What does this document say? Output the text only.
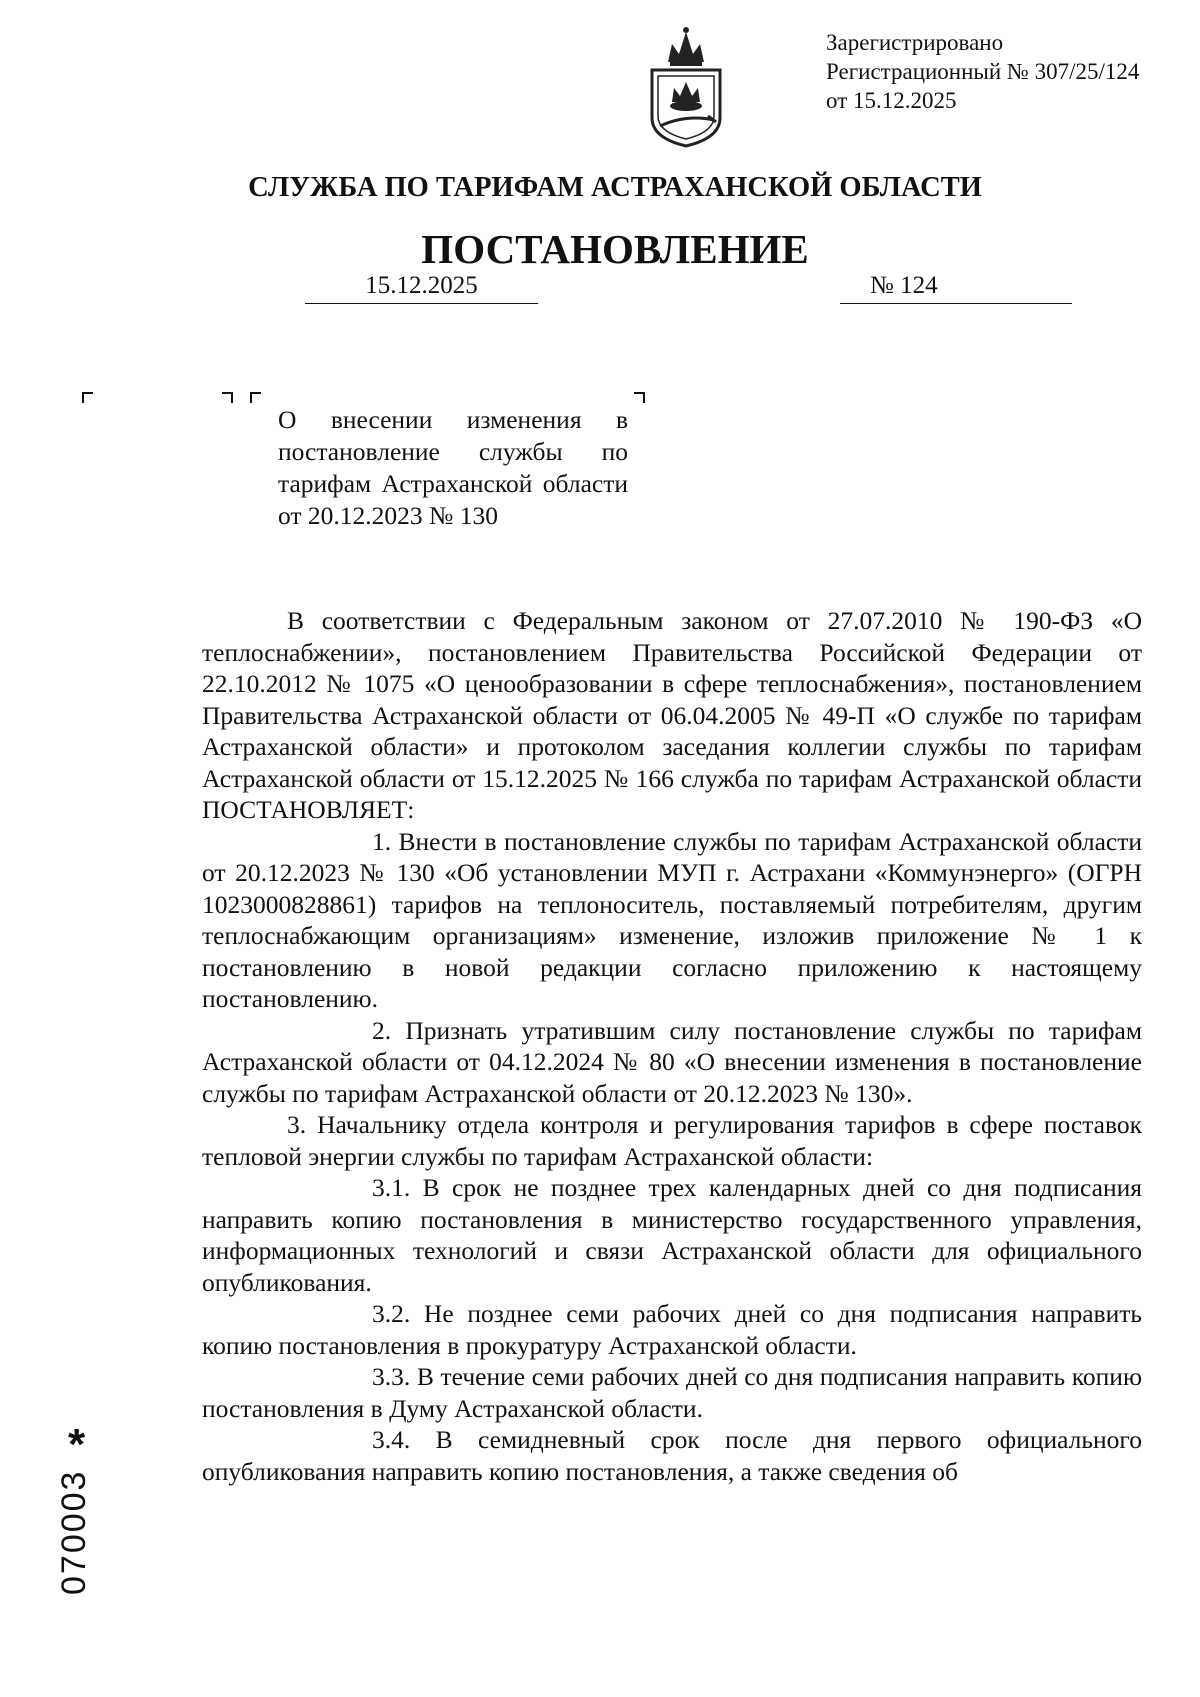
Зарегистрировано
Регистрационный № 307/25/124
от 15.12.2025
СЛУЖБА ПО ТАРИФАМ АСТРАХАНСКОЙ ОБЛАСТИ
ПОСТАНОВЛЕНИЕ
15.12.2025	№ 124
О внесении изменения в постановление службы по тарифам Астраханской области от 20.12.2023 № 130

В соответствии с Федеральным законом от 27.07.2010 № 190-ФЗ «О теплоснабжении», постановлением Правительства Российской Федерации от 22.10.2012 № 1075 «О ценообразовании в сфере теплоснабжения», постановлением Правительства Астраханской области от 06.04.2005 № 49-П «О службе по тарифам Астраханской области» и протоколом заседания коллегии службы по тарифам Астраханской области от 15.12.2025 № 166 служба по тарифам Астраханской области ПОСТАНОВЛЯЕТ:

1. Внести в постановление службы по тарифам Астраханской области от 20.12.2023 № 130 «Об установлении МУП г. Астрахани «Коммунэнерго» (ОГРН 1023000828861) тарифов на теплоноситель, поставляемый потребителям, другим теплоснабжающим организациям» изменение, изложив приложение № 1 к постановлению в новой редакции согласно приложению к настоящему постановлению.

2. Признать утратившим силу постановление службы по тарифам Астраханской области от 04.12.2024 № 80 «О внесении изменения в постановление службы по тарифам Астраханской области от 20.12.2023 № 130».

3. Начальнику отдела контроля и регулирования тарифов в сфере поставок тепловой энергии службы по тарифам Астраханской области:

3.1. В срок не позднее трех календарных дней со дня подписания направить копию постановления в министерство государственного управления, информационных технологий и связи Астраханской области для официального опубликования.

3.2. Не позднее семи рабочих дней со дня подписания направить копию постановления в прокуратуру Астраханской области.

3.3. В течение семи рабочих дней со дня подписания направить копию постановления в Думу Астраханской области.

3.4. В семидневный срок после дня первого официального опубликования направить копию постановления, а также сведения об

*
070003
